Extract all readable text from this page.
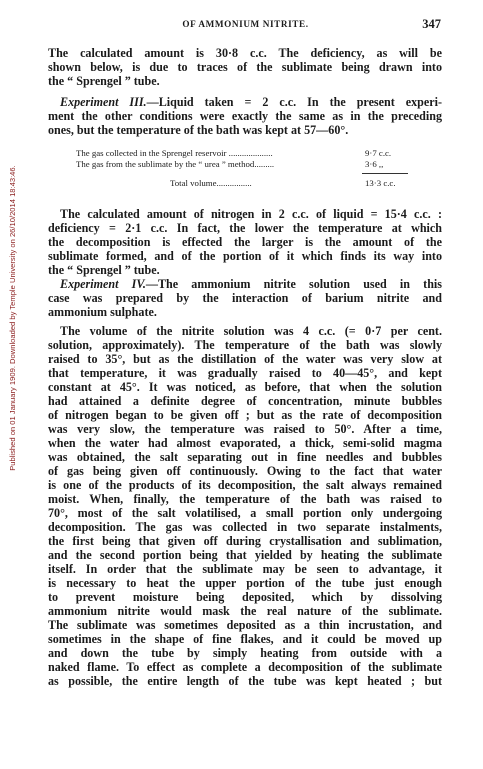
OF AMMONIUM NITRITE.	347
Published on 01 January 1909. Downloaded by Temple University on 26/10/2014 18:43:46.
The calculated amount is 30·8 c.c. The deficiency, as will be
shown below, is due to traces of the sublimate being drawn into
the “ Sprengel ” tube.
Experiment III.—Liquid taken = 2 c.c. In the present experi-
ment the other conditions were exactly the same as in the preceding
ones, but the temperature of the bath was kept at 57—60°.
The calculated amount of nitrogen in 2 c.c. of liquid = 15·4 c.c. :
deficiency = 2·1 c.c. In fact, the lower the temperature at which
the decomposition is effected the larger is the amount of the
sublimate formed, and of the portion of it which finds its way into
the “ Sprengel ” tube.
Experiment IV.—The ammonium nitrite solution used in this
case was prepared by the interaction of barium nitrite and
ammonium sulphate.
The volume of the nitrite solution was 4 c.c. (= 0·7 per cent.
solution, approximately). The temperature of the bath was slowly
raised to 35°, but as the distillation of the water was very slow at
that temperature, it was gradually raised to 40—45°, and kept
constant at 45°. It was noticed, as before, that when the solution
had attained a definite degree of concentration, minute bubbles
of nitrogen began to be given off ; but as the rate of decomposition
was very slow, the temperature was raised to 50°. After a time,
when the water had almost evaporated, a thick, semi-solid magma
was obtained, the salt separating out in fine needles and bubbles
of gas being given off continuously. Owing to the fact that water
is one of the products of its decomposition, the salt always remained
moist. When, finally, the temperature of the bath was raised to
70°, most of the salt volatilised, a small portion only undergoing
decomposition. The gas was collected in two separate instalments,
the first being that given off during crystallisation and sublimation,
and the second portion being that yielded by heating the sublimate
itself. In order that the sublimate may be seen to advantage, it
is necessary to heat the upper portion of the tube just enough
to prevent moisture being deposited, which by dissolving
ammonium nitrite would mask the real nature of the sublimate.
The sublimate was sometimes deposited as a thin incrustation, and
sometimes in the shape of fine flakes, and it could be moved up
and down the tube by simply heating from outside with a
naked flame. To effect as complete a decomposition of the sublimate
as possible, the entire length of the tube was kept heated ; but
The gas collected in the Sprengel reservoir ....................	9·7 c.c.
The gas from the sublimate by the “ urea ” method.........	3·6 ,,
Total volume................	13·3 c.c.
